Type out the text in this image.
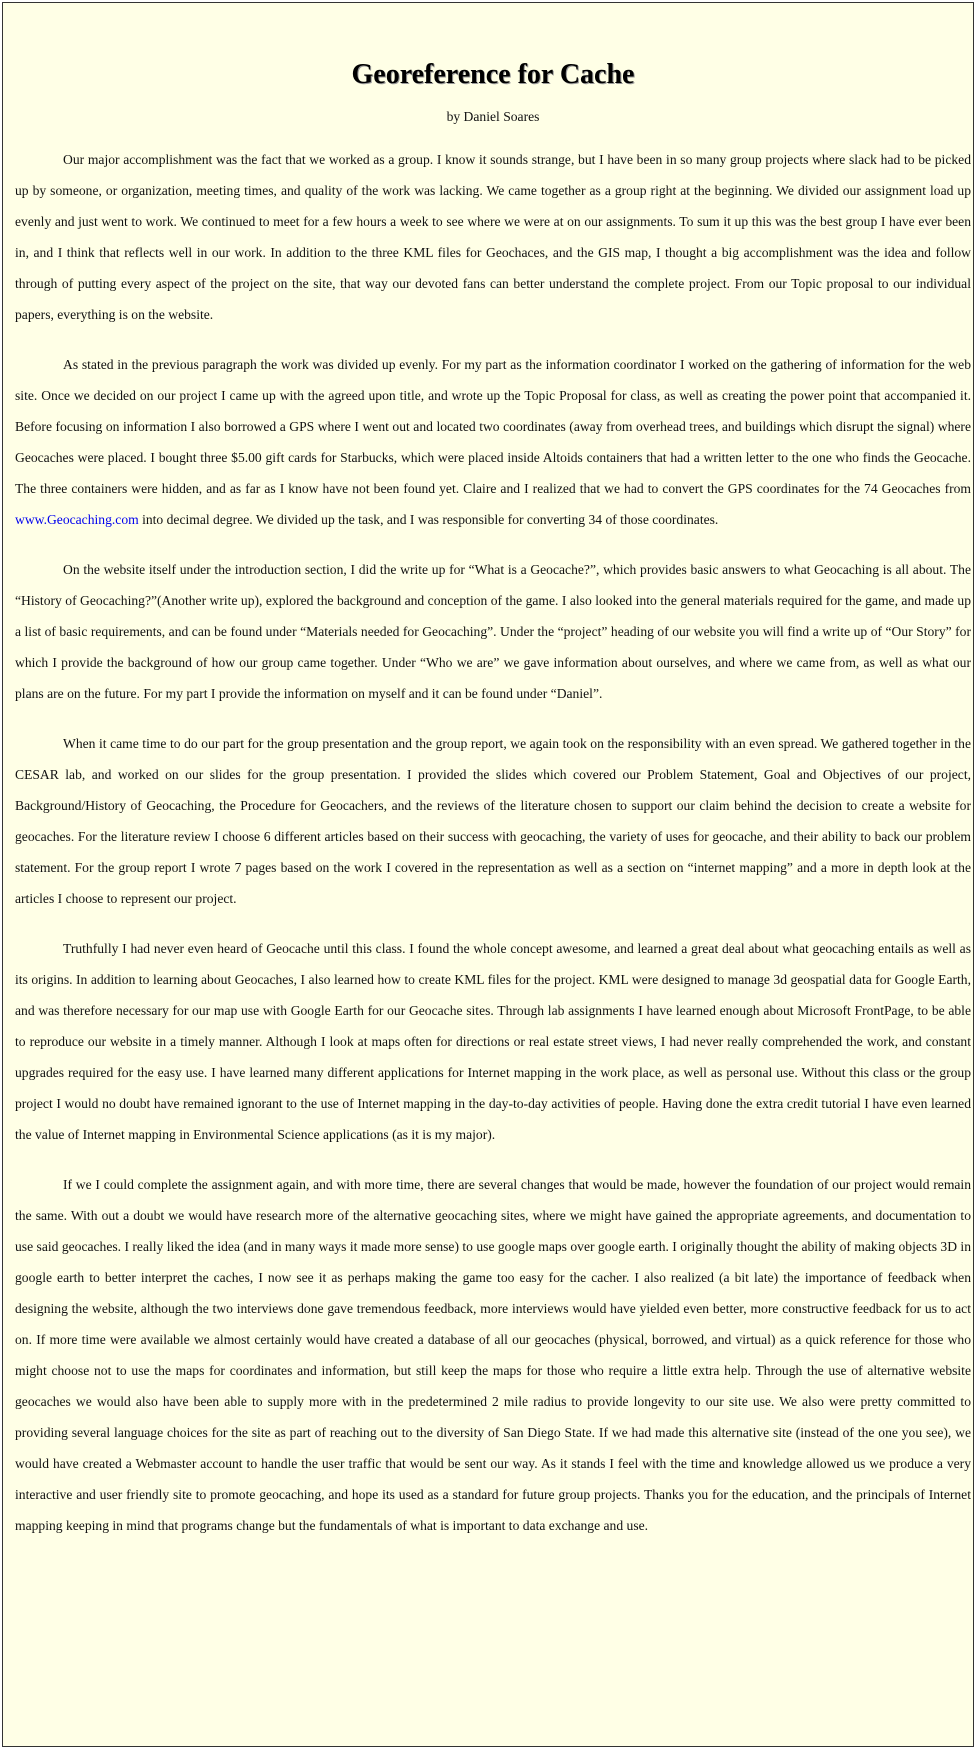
Georeference for Cache

by Daniel Soares

Our major accomplishment was the fact that we worked as a group. I know it sounds strange, but I have been in so many group projects where slack had to be picked up by someone, or organization, meeting times, and quality of the work was lacking. We came together as a group right at the beginning. We divided our assignment load up evenly and just went to work. We continued to meet for a few hours a week to see where we were at on our assignments. To sum it up this was the best group I have ever been in, and I think that reflects well in our work. In addition to the three KML files for Geochaces, and the GIS map, I thought a big accomplishment was the idea and follow through of putting every aspect of the project on the site, that way our devoted fans can better understand the complete project. From our Topic proposal to our individual papers, everything is on the website.

As stated in the previous paragraph the work was divided up evenly. For my part as the information coordinator I worked on the gathering of information for the web site. Once we decided on our project I came up with the agreed upon title, and wrote up the Topic Proposal for class, as well as creating the power point that accompanied it. Before focusing on information I also borrowed a GPS where I went out and located two coordinates (away from overhead trees, and buildings which disrupt the signal) where Geocaches were placed. I bought three $5.00 gift cards for Starbucks, which were placed inside Altoids containers that had a written letter to the one who finds the Geocache. The three containers were hidden, and as far as I know have not been found yet. Claire and I realized that we had to convert the GPS coordinates for the 74 Geocaches from www.Geocaching.com into decimal degree. We divided up the task, and I was responsible for converting 34 of those coordinates.

On the website itself under the introduction section, I did the write up for “What is a Geocache?”, which provides basic answers to what Geocaching is all about. The “History of Geocaching?”(Another write up), explored the background and conception of the game. I also looked into the general materials required for the game, and made up a list of basic requirements, and can be found under “Materials needed for Geocaching”. Under the “project” heading of our website you will find a write up of “Our Story” for which I provide the background of how our group came together. Under “Who we are” we gave information about ourselves, and where we came from, as well as what our plans are on the future. For my part I provide the information on myself and it can be found under “Daniel”.

When it came time to do our part for the group presentation and the group report, we again took on the responsibility with an even spread. We gathered together in the CESAR lab, and worked on our slides for the group presentation. I provided the slides which covered our Problem Statement, Goal and Objectives of our project, Background/History of Geocaching, the Procedure for Geocachers, and the reviews of the literature chosen to support our claim behind the decision to create a website for geocaches. For the literature review I choose 6 different articles based on their success with geocaching, the variety of uses for geocache, and their ability to back our problem statement. For the group report I wrote 7 pages based on the work I covered in the representation as well as a section on “internet mapping” and a more in depth look at the articles I choose to represent our project.

Truthfully I had never even heard of Geocache until this class. I found the whole concept awesome, and learned a great deal about what geocaching entails as well as its origins. In addition to learning about Geocaches, I also learned how to create KML files for the project. KML were designed to manage 3d geospatial data for Google Earth, and was therefore necessary for our map use with Google Earth for our Geocache sites. Through lab assignments I have learned enough about Microsoft FrontPage, to be able to reproduce our website in a timely manner. Although I look at maps often for directions or real estate street views, I had never really comprehended the work, and constant upgrades required for the easy use. I have learned many different applications for Internet mapping in the work place, as well as personal use. Without this class or the group project I would no doubt have remained ignorant to the use of Internet mapping in the day-to-day activities of people. Having done the extra credit tutorial I have even learned the value of Internet mapping in Environmental Science applications (as it is my major).

If we I could complete the assignment again, and with more time, there are several changes that would be made, however the foundation of our project would remain the same. With out a doubt we would have research more of the alternative geocaching sites, where we might have gained the appropriate agreements, and documentation to use said geocaches. I really liked the idea (and in many ways it made more sense) to use google maps over google earth. I originally thought the ability of making objects 3D in google earth to better interpret the caches, I now see it as perhaps making the game too easy for the cacher. I also realized (a bit late) the importance of feedback when designing the website, although the two interviews done gave tremendous feedback, more interviews would have yielded even better, more constructive feedback for us to act on. If more time were available we almost certainly would have created a database of all our geocaches (physical, borrowed, and virtual) as a quick reference for those who might choose not to use the maps for coordinates and information, but still keep the maps for those who require a little extra help. Through the use of alternative website geocaches we would also have been able to supply more with in the predetermined 2 mile radius to provide longevity to our site use. We also were pretty committed to providing several language choices for the site as part of reaching out to the diversity of San Diego State. If we had made this alternative site (instead of the one you see), we would have created a Webmaster account to handle the user traffic that would be sent our way. As it stands I feel with the time and knowledge allowed us we produce a very interactive and user friendly site to promote geocaching, and hope its used as a standard for future group projects. Thanks you for the education, and the principals of Internet mapping keeping in mind that programs change but the fundamentals of what is important to data exchange and use.
